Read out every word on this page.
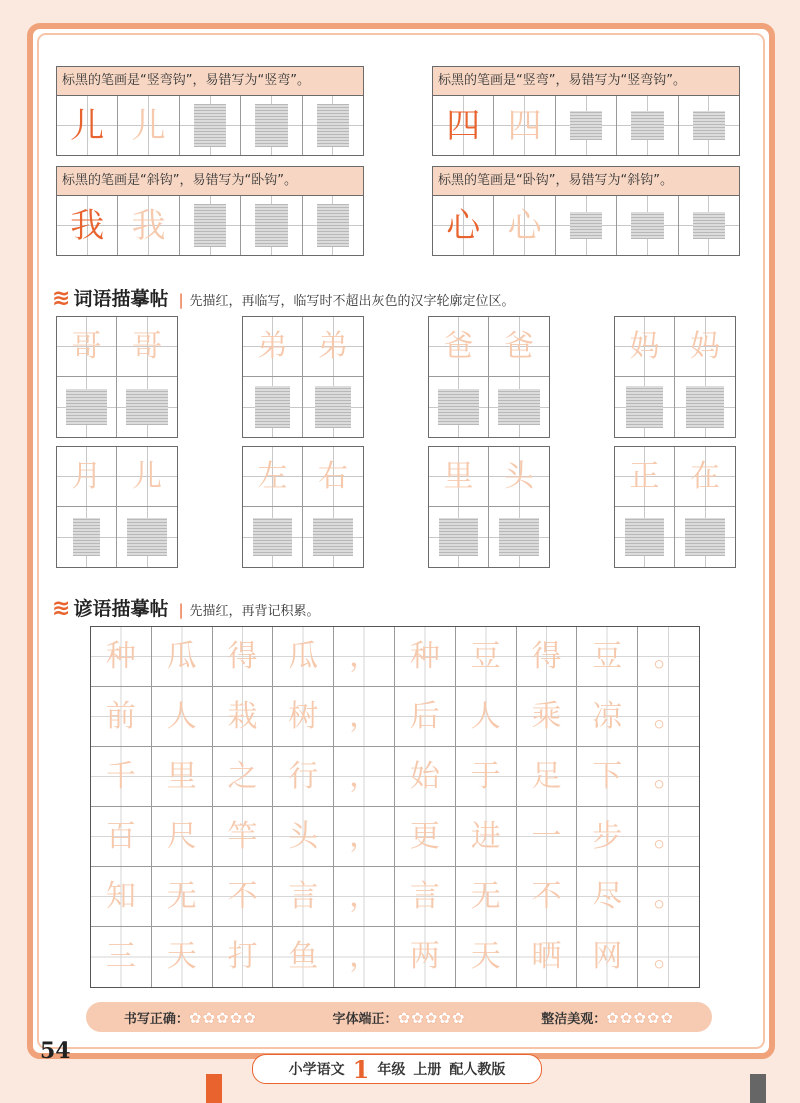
标黑的笔画是“竖弯钩”，易错写为“竖弯”。
儿 儿
标黑的笔画是“竖弯”，易错写为“竖弯钩”。
四 四
标黑的笔画是“斜钩”，易错写为“卧钩”。
我 我
标黑的笔画是“卧钩”，易错写为“斜钩”。
心 心
≋ 词语描摹帖 | 先描红，再临写，临写时不超出灰色的汉字轮廓定位区。
哥 哥	弟 弟	爸 爸	妈 妈
月 儿	左 右	里 头	正 在
≋ 谚语描摹帖 | 先描红，再背记积累。
种 瓜 得 瓜 ， 种 豆 得 豆 。
前 人 栽 树 ， 后 人 乘 凉 。
千 里 之 行 ， 始 于 足 下 。
百 尺 竿 头 ， 更 进 一 步 。
知 无 不 言 ， 言 无 不 尽 。
三 天 打 鱼 ， 两 天 晒 网 。
书写正确：✿✿✿✿✿	字体端正：✿✿✿✿✿	整洁美观：✿✿✿✿✿
54
小学语文 1 年级 上册 配人教版
